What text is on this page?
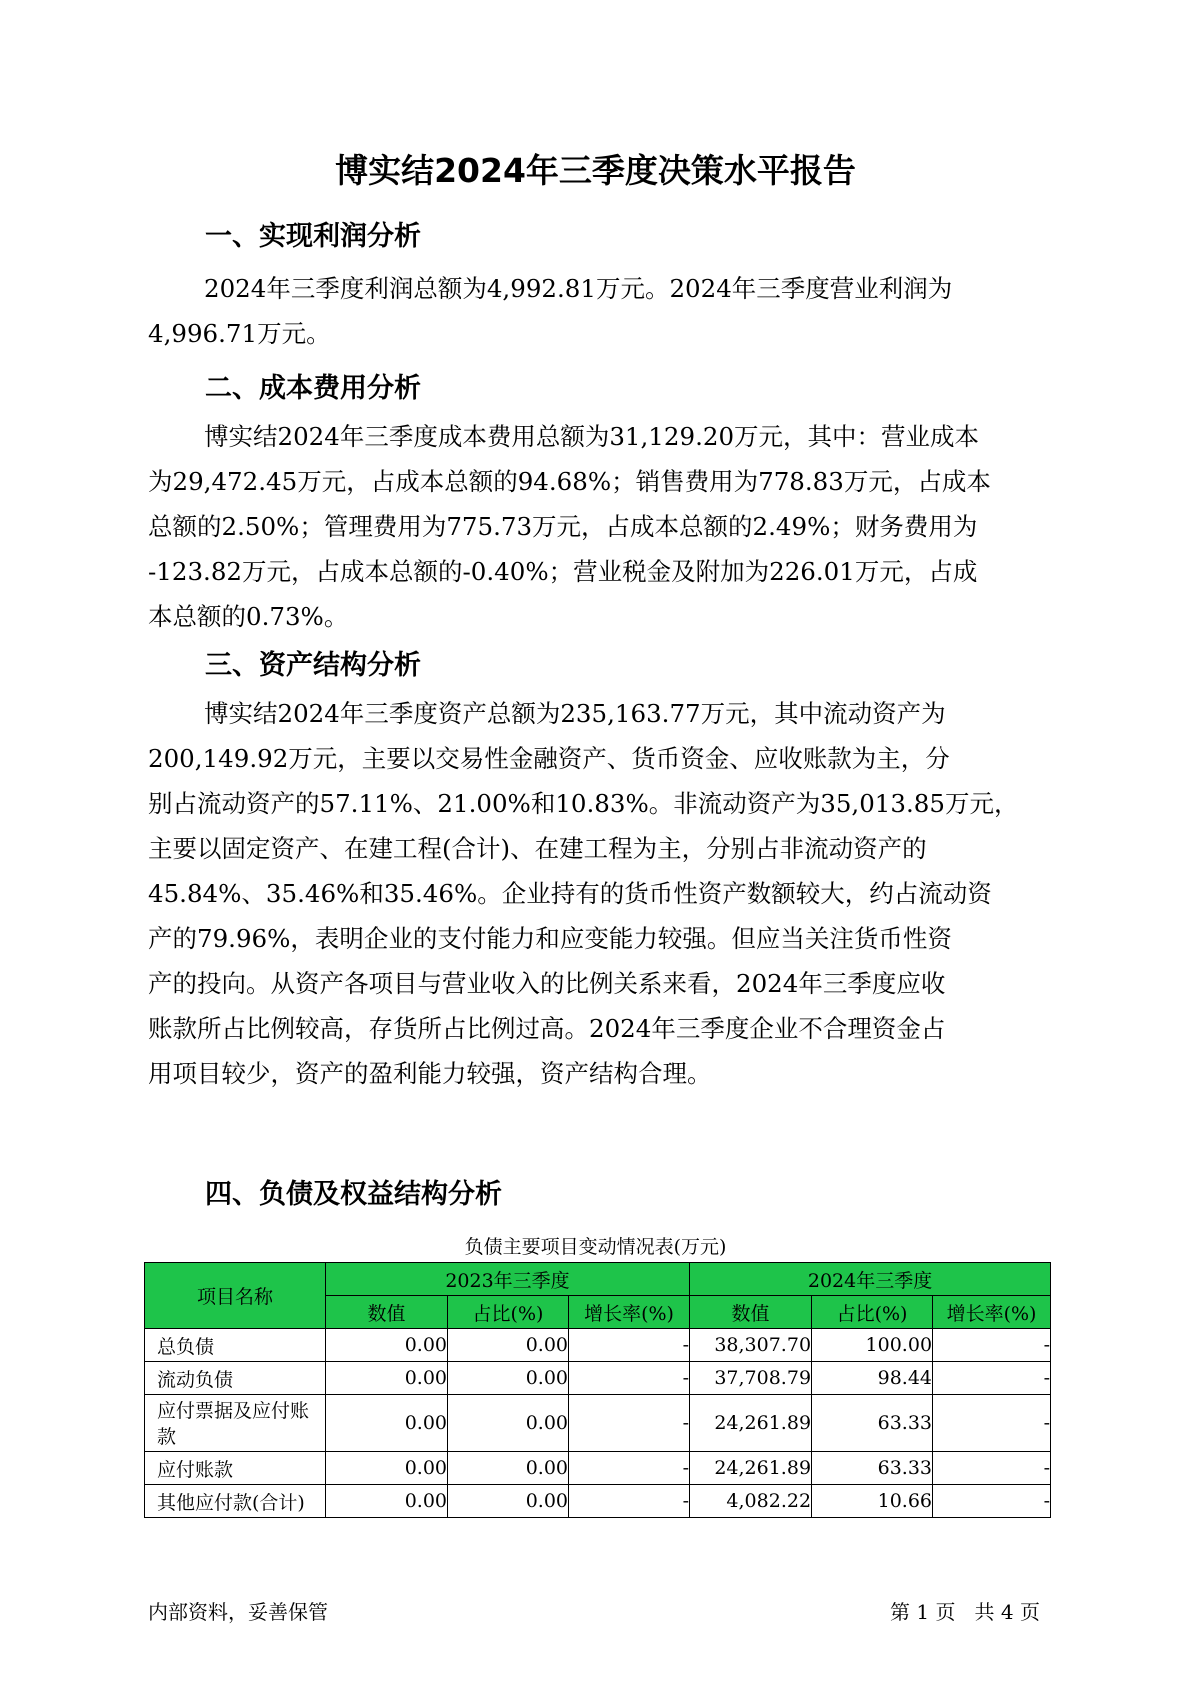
博实结2024年三季度决策水平报告
一、实现利润分析
2024年三季度利润总额为4,992.81万元。2024年三季度营业利润为
4,996.71万元。
二、成本费用分析
博实结2024年三季度成本费用总额为31,129.20万元，其中：营业成本
为29,472.45万元，占成本总额的94.68%；销售费用为778.83万元，占成本
总额的2.50%；管理费用为775.73万元，占成本总额的2.49%；财务费用为
-123.82万元，占成本总额的-0.40%；营业税金及附加为226.01万元，占成
本总额的0.73%。
三、资产结构分析
博实结2024年三季度资产总额为235,163.77万元，其中流动资产为
200,149.92万元，主要以交易性金融资产、货币资金、应收账款为主，分
别占流动资产的57.11%、21.00%和10.83%。非流动资产为35,013.85万元，
主要以固定资产、在建工程(合计)、在建工程为主，分别占非流动资产的
45.84%、35.46%和35.46%。企业持有的货币性资产数额较大，约占流动资
产的79.96%，表明企业的支付能力和应变能力较强。但应当关注货币性资
产的投向。从资产各项目与营业收入的比例关系来看，2024年三季度应收
账款所占比例较高，存货所占比例过高。2024年三季度企业不合理资金占
用项目较少，资产的盈利能力较强，资产结构合理。
四、负债及权益结构分析
负债主要项目变动情况表(万元)
项目名称	2023年三季度			2024年三季度		
	数值	占比(%)	增长率(%)	数值	占比(%)	增长率(%)
总负债	0.00	0.00	-	38,307.70	100.00	-
流动负债	0.00	0.00	-	37,708.79	98.44	-
应付票据及应付账款	0.00	0.00	-	24,261.89	63.33	-
应付账款	0.00	0.00	-	24,261.89	63.33	-
其他应付款(合计)	0.00	0.00	-	4,082.22	10.66	-
内部资料，妥善保管	第 1 页   共 4 页
